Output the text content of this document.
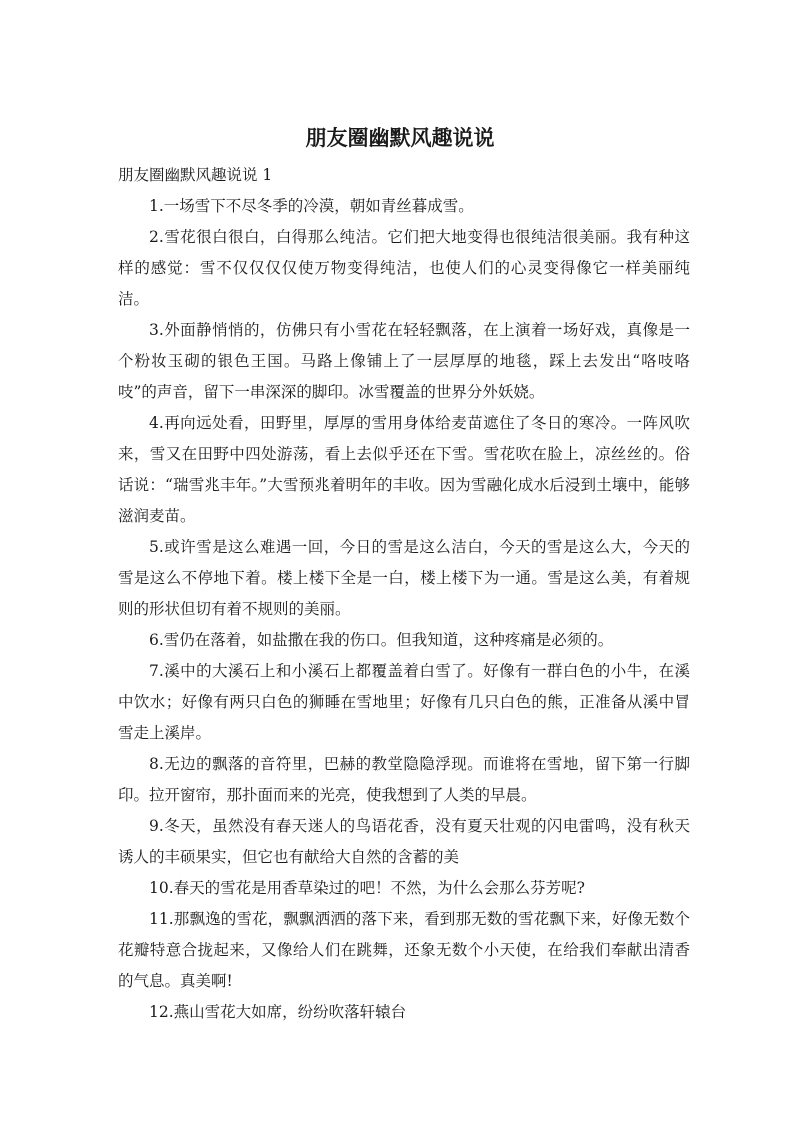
朋友圈幽默风趣说说

朋友圈幽默风趣说说 1

1.一场雪下不尽冬季的冷漠，朝如青丝暮成雪。

2.雪花很白很白，白得那么纯洁。它们把大地变得也很纯洁很美丽。我有种这样的感觉：雪不仅仅仅仅使万物变得纯洁，也使人们的心灵变得像它一样美丽纯洁。

3.外面静悄悄的，仿佛只有小雪花在轻轻飘落，在上演着一场好戏，真像是一个粉妆玉砌的银色王国。马路上像铺上了一层厚厚的地毯，踩上去发出“咯吱咯吱”的声音，留下一串深深的脚印。冰雪覆盖的世界分外妖娆。

4.再向远处看，田野里，厚厚的雪用身体给麦苗遮住了冬日的寒冷。一阵风吹来，雪又在田野中四处游荡，看上去似乎还在下雪。雪花吹在脸上，凉丝丝的。俗话说：“瑞雪兆丰年。”大雪预兆着明年的丰收。因为雪融化成水后浸到土壤中，能够滋润麦苗。

5.或许雪是这么难遇一回，今日的雪是这么洁白，今天的雪是这么大，今天的雪是这么不停地下着。楼上楼下全是一白，楼上楼下为一通。雪是这么美，有着规则的形状但切有着不规则的美丽。

6.雪仍在落着，如盐撒在我的伤口。但我知道，这种疼痛是必须的。

7.溪中的大溪石上和小溪石上都覆盖着白雪了。好像有一群白色的小牛，在溪中饮水；好像有两只白色的狮睡在雪地里；好像有几只白色的熊，正准备从溪中冒雪走上溪岸。

8.无边的飘落的音符里，巴赫的教堂隐隐浮现。而谁将在雪地，留下第一行脚印。拉开窗帘，那扑面而来的光亮，使我想到了人类的早晨。

9.冬天，虽然没有春天迷人的鸟语花香，没有夏天壮观的闪电雷鸣，没有秋天诱人的丰硕果实，但它也有献给大自然的含蓄的美

10.春天的雪花是用香草染过的吧！不然，为什么会那么芬芳呢?

11.那飘逸的雪花，飘飘洒洒的落下来，看到那无数的雪花飘下来，好像无数个花瓣特意合拢起来，又像给人们在跳舞，还象无数个小天使，在给我们奉献出清香的气息。真美啊!

12.燕山雪花大如席，纷纷吹落轩辕台
